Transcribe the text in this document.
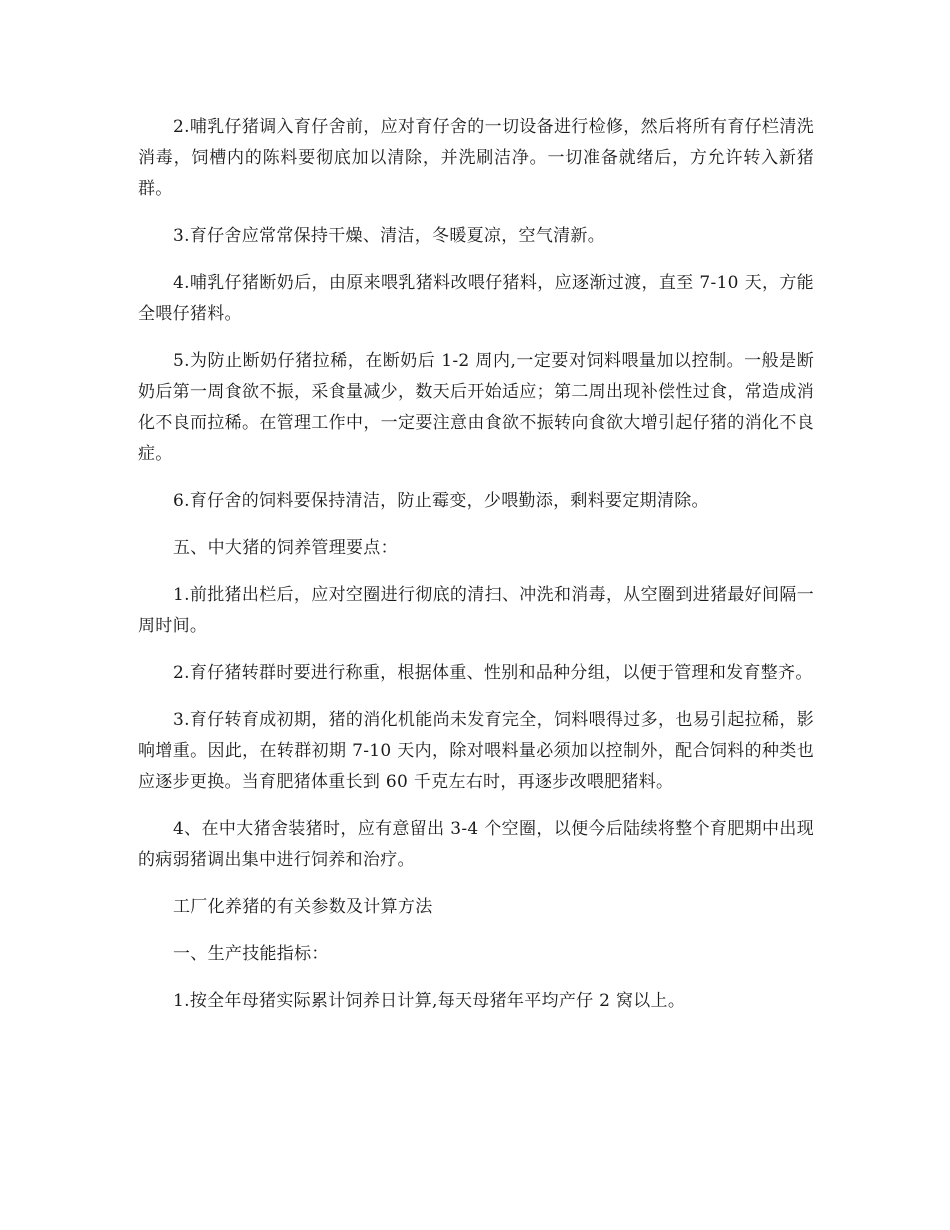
2.哺乳仔猪调入育仔舍前，应对育仔舍的一切设备进行检修，然后将所有育仔栏清洗消毒，饲槽内的陈料要彻底加以清除，并洗刷洁净。一切准备就绪后，方允许转入新猪群。

3.育仔舍应常常保持干燥、清洁，冬暖夏凉，空气清新。

4.哺乳仔猪断奶后，由原来喂乳猪料改喂仔猪料，应逐渐过渡，直至 7-10 天，方能全喂仔猪料。

5.为防止断奶仔猪拉稀，在断奶后 1-2 周内,一定要对饲料喂量加以控制。一般是断奶后第一周食欲不振，采食量减少，数天后开始适应；第二周出现补偿性过食，常造成消化不良而拉稀。在管理工作中，一定要注意由食欲不振转向食欲大增引起仔猪的消化不良症。

6.育仔舍的饲料要保持清洁，防止霉变，少喂勤添，剩料要定期清除。

五、中大猪的饲养管理要点：

1.前批猪出栏后，应对空圈进行彻底的清扫、冲洗和消毒，从空圈到进猪最好间隔一周时间。

2.育仔猪转群时要进行称重，根据体重、性别和品种分组，以便于管理和发育整齐。

3.育仔转育成初期，猪的消化机能尚未发育完全，饲料喂得过多，也易引起拉稀，影响增重。因此，在转群初期 7-10 天内，除对喂料量必须加以控制外，配合饲料的种类也应逐步更换。当育肥猪体重长到 60 千克左右时，再逐步改喂肥猪料。

4、在中大猪舍装猪时，应有意留出 3-4 个空圈，以便今后陆续将整个育肥期中出现的病弱猪调出集中进行饲养和治疗。

工厂化养猪的有关参数及计算方法

一、生产技能指标：

1.按全年母猪实际累计饲养日计算,每天母猪年平均产仔 2 窝以上。
